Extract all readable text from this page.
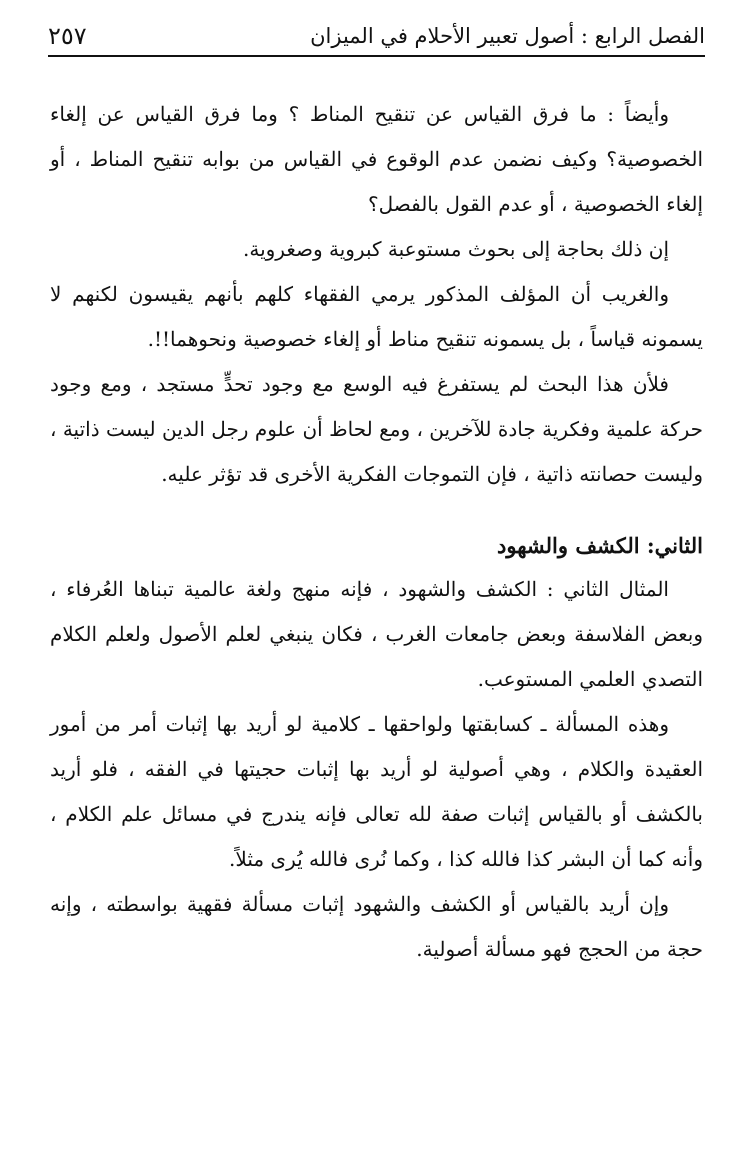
الفصل الرابع : أصول تعبير الأحلام في الميزان
٢٥٧

وأيضاً : ما فرق القياس عن تنقيح المناط ؟ وما فرق القياس عن إلغاء الخصوصية؟ وكيف نضمن عدم الوقوع في القياس من بوابه تنقيح المناط ، أو إلغاء الخصوصية ، أو عدم القول بالفصل؟

إن ذلك بحاجة إلى بحوث مستوعبة كبروية وصغروية.

والغريب أن المؤلف المذكور يرمي الفقهاء كلهم بأنهم يقيسون لكنهم لا يسمونه قياساً ، بل يسمونه تنقيح مناط أو إلغاء خصوصية ونحوهما!!.

فلأن هذا البحث لم يستفرغ فيه الوسع مع وجود تحدٍّ مستجد ، ومع وجود حركة علمية وفكرية جادة للآخرين ، ومع لحاظ أن علوم رجل الدين ليست ذاتية ، وليست حصانته ذاتية ، فإن التموجات الفكرية الأخرى قد تؤثر عليه.

الثاني: الكشف والشهود

المثال الثاني : الكشف والشهود ، فإنه منهج ولغة عالمية تبناها العُرفاء ، وبعض الفلاسفة وبعض جامعات الغرب ، فكان ينبغي لعلم الأصول ولعلم الكلام التصدي العلمي المستوعب.

وهذه المسألة ـ كسابقتها ولواحقها ـ كلامية لو أريد بها إثبات أمر من أمور العقيدة والكلام ، وهي أصولية لو أريد بها إثبات حجيتها في الفقه ، فلو أريد بالكشف أو بالقياس إثبات صفة لله تعالى فإنه يندرج في مسائل علم الكلام ، وأنه كما أن البشر كذا فالله كذا ، وكما نُرى فالله يُرى مثلاً.

وإن أريد بالقياس أو الكشف والشهود إثبات مسألة فقهية بواسطته ، وإنه حجة من الحجج فهو مسألة أصولية.
